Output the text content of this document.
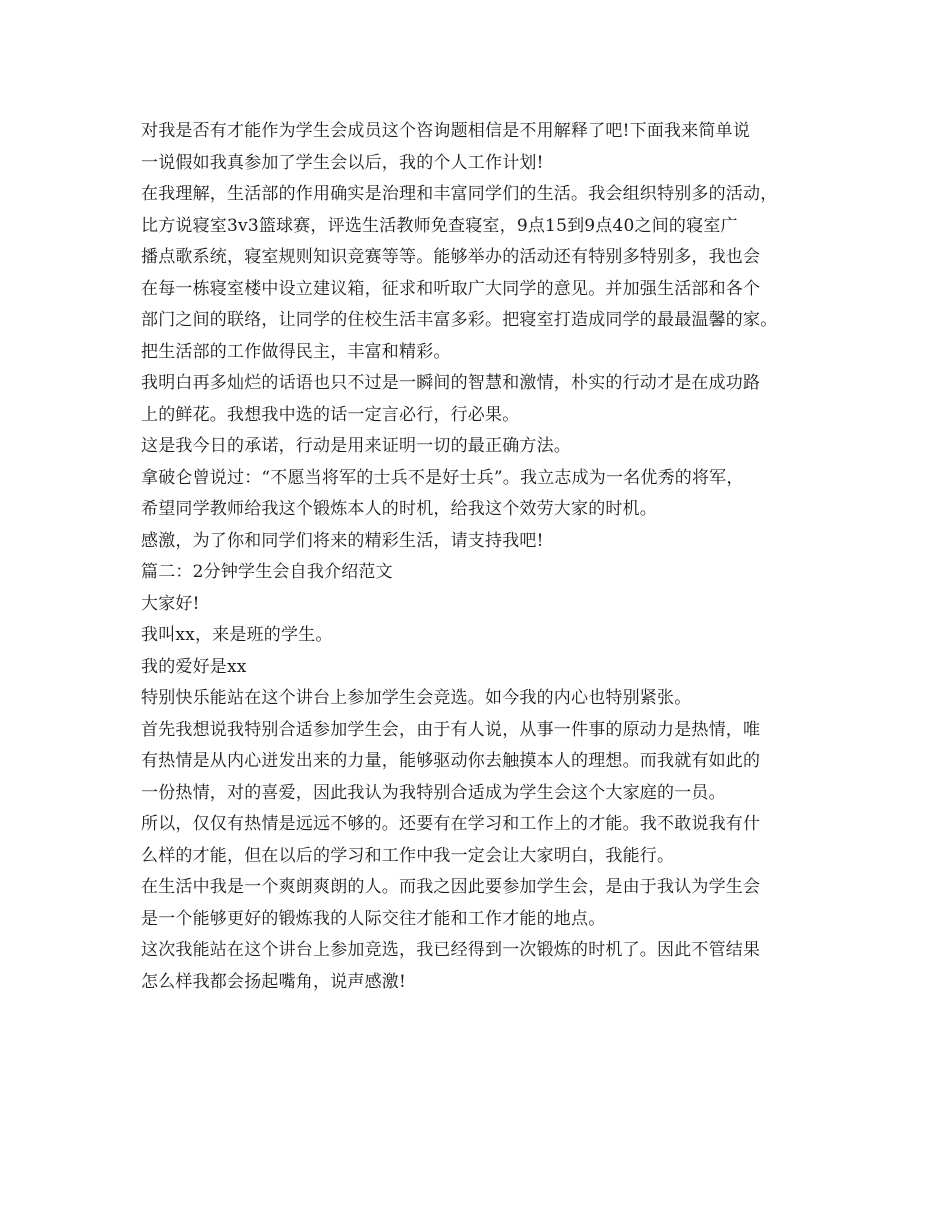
对我是否有才能作为学生会成员这个咨询题相信是不用解释了吧!下面我来简单说
一说假如我真参加了学生会以后，我的个人工作计划!
在我理解，生活部的作用确实是治理和丰富同学们的生活。我会组织特别多的活动，
比方说寝室3v3篮球赛，评选生活教师免查寝室，9点15到9点40之间的寝室广
播点歌系统，寝室规则知识竞赛等等。能够举办的活动还有特别多特别多，我也会
在每一栋寝室楼中设立建议箱，征求和听取广大同学的意见。并加强生活部和各个
部门之间的联络，让同学的住校生活丰富多彩。把寝室打造成同学的最最温馨的家。
把生活部的工作做得民主，丰富和精彩。
我明白再多灿烂的话语也只不过是一瞬间的智慧和激情，朴实的行动才是在成功路
上的鲜花。我想我中选的话一定言必行，行必果。
这是我今日的承诺，行动是用来证明一切的最正确方法。
拿破仑曾说过：“不愿当将军的士兵不是好士兵”。我立志成为一名优秀的将军，
希望同学教师给我这个锻炼本人的时机，给我这个效劳大家的时机。
感激，为了你和同学们将来的精彩生活，请支持我吧!
篇二：2分钟学生会自我介绍范文
大家好!
我叫xx，来是班的学生。
我的爱好是xx
特别快乐能站在这个讲台上参加学生会竞选。如今我的内心也特别紧张。
首先我想说我特别合适参加学生会，由于有人说，从事一件事的原动力是热情，唯
有热情是从内心迸发出来的力量，能够驱动你去触摸本人的理想。而我就有如此的
一份热情，对的喜爱，因此我认为我特别合适成为学生会这个大家庭的一员。
所以，仅仅有热情是远远不够的。还要有在学习和工作上的才能。我不敢说我有什
么样的才能，但在以后的学习和工作中我一定会让大家明白，我能行。
在生活中我是一个爽朗爽朗的人。而我之因此要参加学生会，是由于我认为学生会
是一个能够更好的锻炼我的人际交往才能和工作才能的地点。
这次我能站在这个讲台上参加竞选，我已经得到一次锻炼的时机了。因此不管结果
怎么样我都会扬起嘴角，说声感激!
